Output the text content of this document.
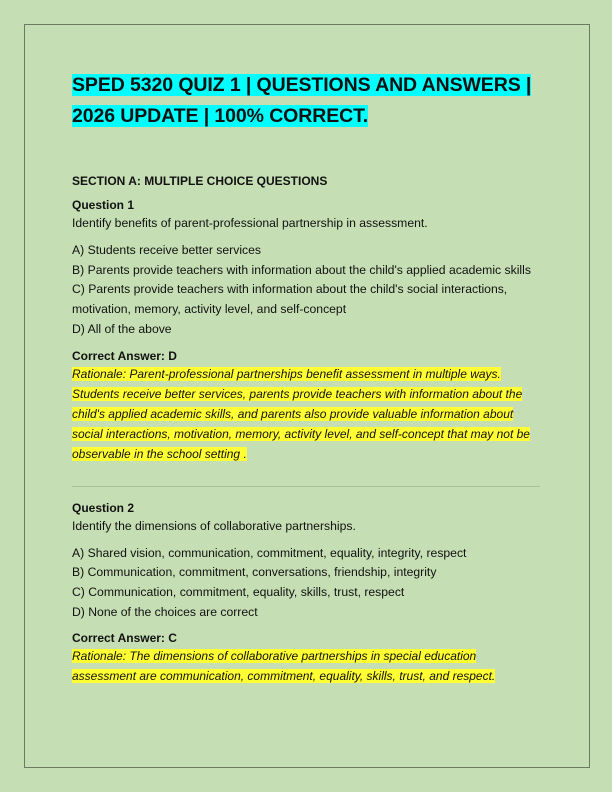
SPED 5320 QUIZ 1 | QUESTIONS AND ANSWERS | 2026 UPDATE | 100% CORRECT.
SECTION A: MULTIPLE CHOICE QUESTIONS
Question 1
Identify benefits of parent-professional partnership in assessment.
A) Students receive better services
B) Parents provide teachers with information about the child's applied academic skills
C) Parents provide teachers with information about the child's social interactions, motivation, memory, activity level, and self-concept
D) All of the above
Correct Answer: D
Rationale: Parent-professional partnerships benefit assessment in multiple ways. Students receive better services, parents provide teachers with information about the child's applied academic skills, and parents also provide valuable information about social interactions, motivation, memory, activity level, and self-concept that may not be observable in the school setting .
Question 2
Identify the dimensions of collaborative partnerships.
A) Shared vision, communication, commitment, equality, integrity, respect
B) Communication, commitment, conversations, friendship, integrity
C) Communication, commitment, equality, skills, trust, respect
D) None of the choices are correct
Correct Answer: C
Rationale: The dimensions of collaborative partnerships in special education assessment are communication, commitment, equality, skills, trust, and respect.
